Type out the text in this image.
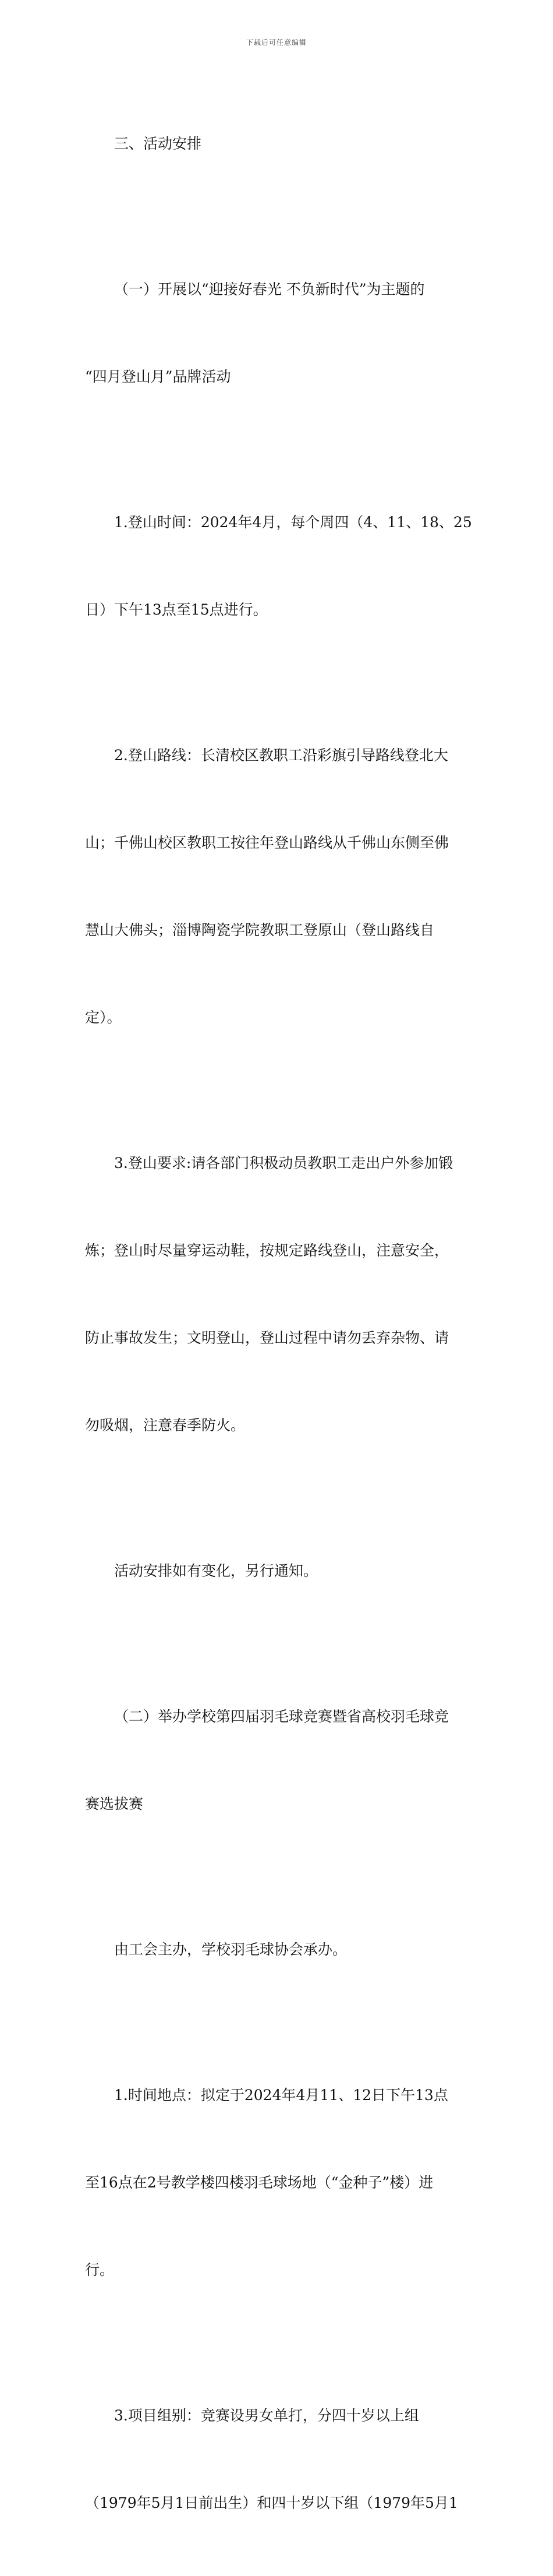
下载后可任意编辑

三、活动安排

（一）开展以“迎接好春光 不负新时代”为主题的

“四月登山月”品牌活动

1.登山时间：2024年4月，每个周四（4、11、18、25

日）下午13点至15点进行。

2.登山路线：长清校区教职工沿彩旗引导路线登北大

山；千佛山校区教职工按往年登山路线从千佛山东侧至佛

慧山大佛头；淄博陶瓷学院教职工登原山（登山路线自

定）。

3.登山要求:请各部门积极动员教职工走出户外参加锻

炼；登山时尽量穿运动鞋，按规定路线登山，注意安全，

防止事故发生；文明登山，登山过程中请勿丢弃杂物、请

勿吸烟，注意春季防火。

活动安排如有变化，另行通知。

（二）举办学校第四届羽毛球竞赛暨省高校羽毛球竞

赛选拔赛

由工会主办，学校羽毛球协会承办。

1.时间地点：拟定于2024年4月11、12日下午13点

至16点在2号教学楼四楼羽毛球场地（“金种子”楼）进

行。

3.项目组别：竞赛设男女单打，分四十岁以上组

（1979年5月1日前出生）和四十岁以下组（1979年5月1
